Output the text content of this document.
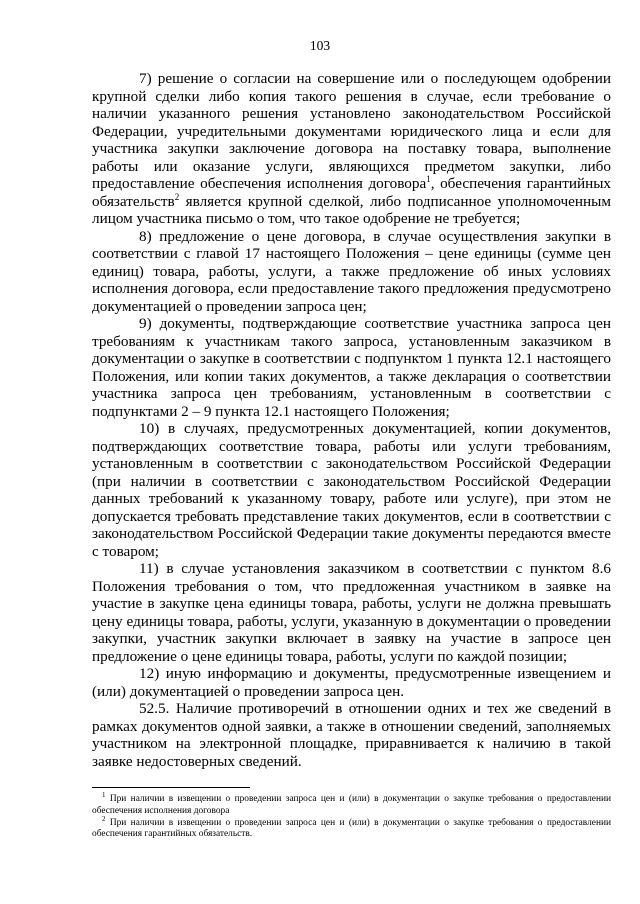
103

7) решение о согласии на совершение или о последующем одобрении крупной сделки либо копия такого решения в случае, если требование о наличии указанного решения установлено законодательством Российской Федерации, учредительными документами юридического лица и если для участника закупки заключение договора на поставку товара, выполнение работы или оказание услуги, являющихся предметом закупки, либо предоставление обеспечения исполнения договора$^1$, обеспечения гарантийных обязательств$^2$ является крупной сделкой, либо подписанное уполномоченным лицом участника письмо о том, что такое одобрение не требуется;

8) предложение о цене договора, в случае осуществления закупки в соответствии с главой 17 настоящего Положения – цене единицы (сумме цен единиц) товара, работы, услуги, а также предложение об иных условиях исполнения договора, если предоставление такого предложения предусмотрено документацией о проведении запроса цен;

9) документы, подтверждающие соответствие участника запроса цен требованиям к участникам такого запроса, установленным заказчиком в документации о закупке в соответствии с подпунктом 1 пункта 12.1 настоящего Положения, или копии таких документов, а также декларация о соответствии участника запроса цен требованиям, установленным в соответствии с подпунктами 2 – 9 пункта 12.1 настоящего Положения;

10) в случаях, предусмотренных документацией, копии документов, подтверждающих соответствие товара, работы или услуги требованиям, установленным в соответствии с законодательством Российской Федерации (при наличии в соответствии с законодательством Российской Федерации данных требований к указанному товару, работе или услуге), при этом не допускается требовать представление таких документов, если в соответствии с законодательством Российской Федерации такие документы передаются вместе с товаром;

11) в случае установления заказчиком в соответствии с пунктом 8.6 Положения требования о том, что предложенная участником в заявке на участие в закупке цена единицы товара, работы, услуги не должна превышать цену единицы товара, работы, услуги, указанную в документации о проведении закупки, участник закупки включает в заявку на участие в запросе цен предложение о цене единицы товара, работы, услуги по каждой позиции;

12) иную информацию и документы, предусмотренные извещением и (или) документацией о проведении запроса цен.

52.5. Наличие противоречий в отношении одних и тех же сведений в рамках документов одной заявки, а также в отношении сведений, заполняемых участником на электронной площадке, приравнивается к наличию в такой заявке недостоверных сведений.

$^1$ При наличии в извещении о проведении запроса цен и (или) в документации о закупке требования о предоставлении обеспечения исполнения договора

$^2$ При наличии в извещении о проведении запроса цен и (или) в документации о закупке требования о предоставлении обеспечения гарантийных обязательств.
